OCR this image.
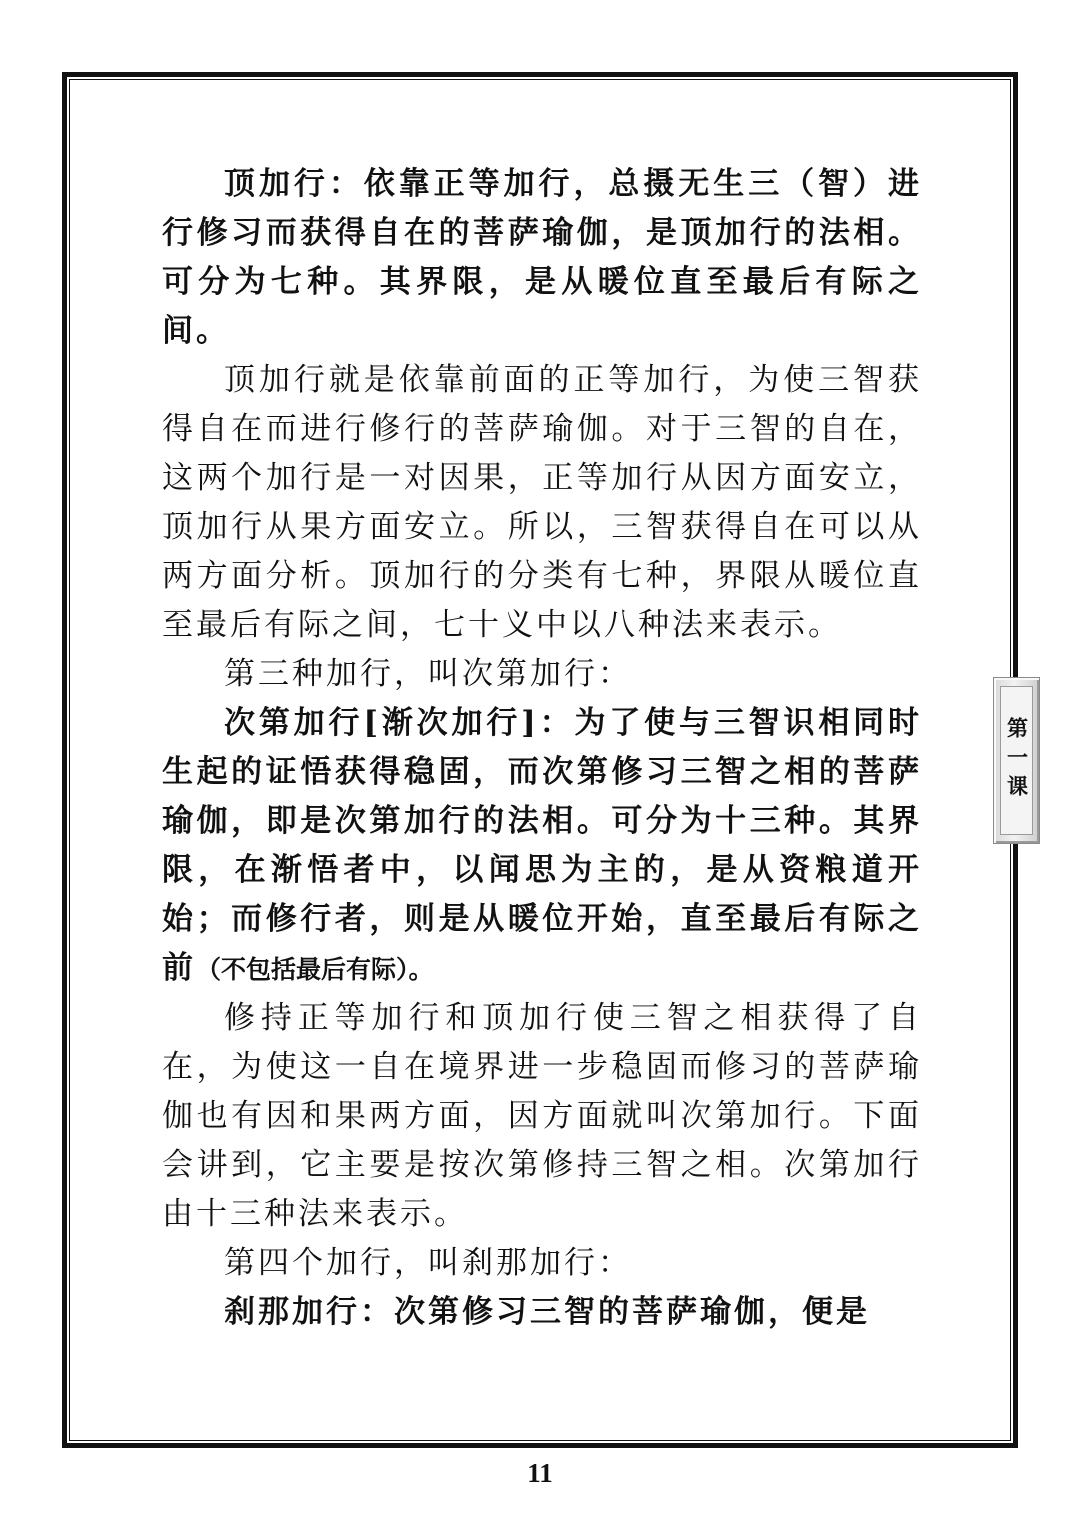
顶加行：依靠正等加行，总摄无生三（智）进行修习而获得自在的菩萨瑜伽，是顶加行的法相。可分为七种。其界限，是从暖位直至最后有际之间。

顶加行就是依靠前面的正等加行，为使三智获得自在而进行修行的菩萨瑜伽。对于三智的自在，这两个加行是一对因果，正等加行从因方面安立，顶加行从果方面安立。所以，三智获得自在可以从两方面分析。顶加行的分类有七种，界限从暖位直至最后有际之间，七十义中以八种法来表示。

第三种加行，叫次第加行：

次第加行[渐次加行]：为了使与三智识相同时生起的证悟获得稳固，而次第修习三智之相的菩萨瑜伽，即是次第加行的法相。可分为十三种。其界限，在渐悟者中，以闻思为主的，是从资粮道开始；而修行者，则是从暖位开始，直至最后有际之前（不包括最后有际）。

修持正等加行和顶加行使三智之相获得了自在，为使这一自在境界进一步稳固而修习的菩萨瑜伽也有因和果两方面，因方面就叫次第加行。下面会讲到，它主要是按次第修持三智之相。次第加行由十三种法来表示。

第四个加行，叫刹那加行：

刹那加行：次第修习三智的菩萨瑜伽，便是

第一课
11
